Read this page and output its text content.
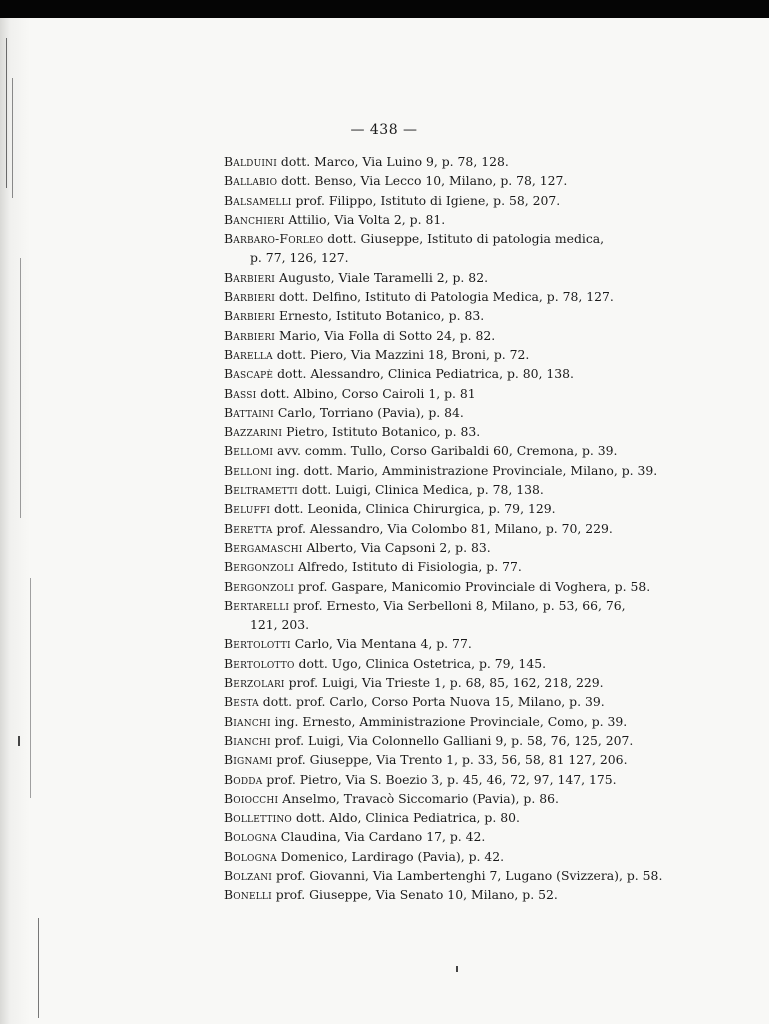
— 438 —
Balduini dott. Marco, Via Luino 9, p. 78, 128.
Ballabio dott. Benso, Via Lecco 10, Milano, p. 78, 127.
Balsamelli prof. Filippo, Istituto di Igiene, p. 58, 207.
Banchieri Attilio, Via Volta 2, p. 81.
Barbaro-Forleo dott. Giuseppe, Istituto di patologia medica,
p. 77, 126, 127.
Barbieri Augusto, Viale Taramelli 2, p. 82.
Barbieri dott. Delfino, Istituto di Patologia Medica, p. 78, 127.
Barbieri Ernesto, Istituto Botanico, p. 83.
Barbieri Mario, Via Folla di Sotto 24, p. 82.
Barella dott. Piero, Via Mazzini 18, Broni, p. 72.
Bascapè dott. Alessandro, Clinica Pediatrica, p. 80, 138.
Bassi dott. Albino, Corso Cairoli 1, p. 81
Battaini Carlo, Torriano (Pavia), p. 84.
Bazzarini Pietro, Istituto Botanico, p. 83.
Bellomi avv. comm. Tullo, Corso Garibaldi 60, Cremona, p. 39.
Belloni ing. dott. Mario, Amministrazione Provinciale, Milano, p. 39.
Beltrametti dott. Luigi, Clinica Medica, p. 78, 138.
Beluffi dott. Leonida, Clinica Chirurgica, p. 79, 129.
Beretta prof. Alessandro, Via Colombo 81, Milano, p. 70, 229.
Bergamaschi Alberto, Via Capsoni 2, p. 83.
Bergonzoli Alfredo, Istituto di Fisiologia, p. 77.
Bergonzoli prof. Gaspare, Manicomio Provinciale di Voghera, p. 58.
Bertarelli prof. Ernesto, Via Serbelloni 8, Milano, p. 53, 66, 76,
121, 203.
Bertolotti Carlo, Via Mentana 4, p. 77.
Bertolotto dott. Ugo, Clinica Ostetrica, p. 79, 145.
Berzolari prof. Luigi, Via Trieste 1, p. 68, 85, 162, 218, 229.
Besta dott. prof. Carlo, Corso Porta Nuova 15, Milano, p. 39.
Bianchi ing. Ernesto, Amministrazione Provinciale, Como, p. 39.
Bianchi prof. Luigi, Via Colonnello Galliani 9, p. 58, 76, 125, 207.
Bignami prof. Giuseppe, Via Trento 1, p. 33, 56, 58, 81 127, 206.
Bodda prof. Pietro, Via S. Boezio 3, p. 45, 46, 72, 97, 147, 175.
Boiocchi Anselmo, Travacò Siccomario (Pavia), p. 86.
Bollettino dott. Aldo, Clinica Pediatrica, p. 80.
Bologna Claudina, Via Cardano 17, p. 42.
Bologna Domenico, Lardirago (Pavia), p. 42.
Bolzani prof. Giovanni, Via Lambertenghi 7, Lugano (Svizzera), p. 58.
Bonelli prof. Giuseppe, Via Senato 10, Milano, p. 52.
